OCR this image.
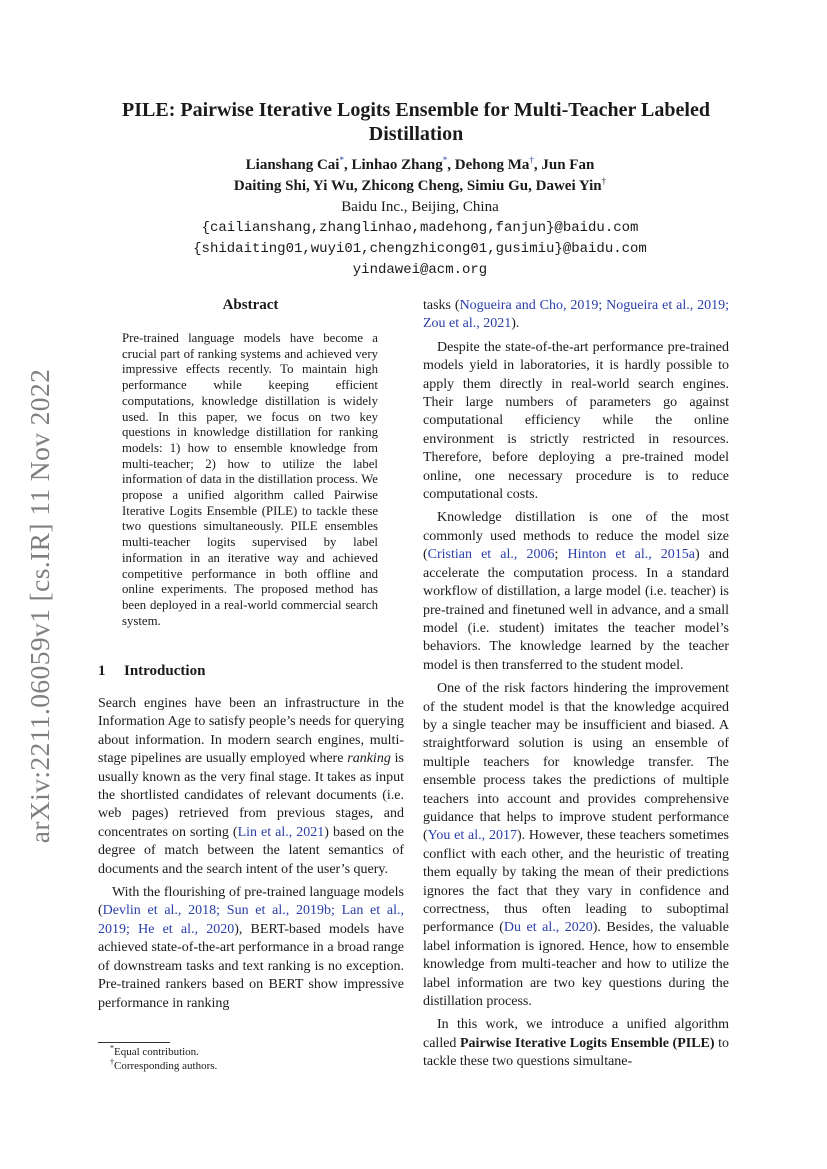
arXiv:2211.06059v1 [cs.IR] 11 Nov 2022
PILE: Pairwise Iterative Logits Ensemble for Multi-Teacher Labeled Distillation
Lianshang Cai*, Linhao Zhang*, Dehong Ma†, Jun Fan
Daiting Shi, Yi Wu, Zhicong Cheng, Simiu Gu, Dawei Yin†
Baidu Inc., Beijing, China
{cailianshang,zhanglinhao,madehong,fanjun}@baidu.com
{shidaiting01,wuyi01,chengzhicong01,gusimiu}@baidu.com
yindawei@acm.org
Abstract

Pre-trained language models have become a crucial part of ranking systems and achieved very impressive effects recently. To maintain high performance while keeping efficient computations, knowledge distillation is widely used. In this paper, we focus on two key questions in knowledge distillation for ranking models: 1) how to ensemble knowledge from multi-teacher; 2) how to utilize the label information of data in the distillation process. We propose a unified algorithm called Pairwise Iterative Logits Ensemble (PILE) to tackle these two questions simultaneously. PILE ensembles multi-teacher logits supervised by label information in an iterative way and achieved competitive performance in both offline and online experiments. The proposed method has been deployed in a real-world commercial search system.

1 Introduction

Search engines have been an infrastructure in the Information Age to satisfy people’s needs for querying about information. In modern search engines, multi-stage pipelines are usually employed where ranking is usually known as the very final stage. It takes as input the shortlisted candidates of relevant documents (i.e. web pages) retrieved from previous stages, and concentrates on sorting (Lin et al., 2021) based on the degree of match between the latent semantics of documents and the search intent of the user’s query.

With the flourishing of pre-trained language models (Devlin et al., 2018; Sun et al., 2019b; Lan et al., 2019; He et al., 2020), BERT-based models have achieved state-of-the-art performance in a broad range of downstream tasks and text ranking is no exception. Pre-trained rankers based on BERT show impressive performance in ranking

tasks (Nogueira and Cho, 2019; Nogueira et al., 2019; Zou et al., 2021).

Despite the state-of-the-art performance pre-trained models yield in laboratories, it is hardly possible to apply them directly in real-world search engines. Their large numbers of parameters go against computational efficiency while the online environment is strictly restricted in resources. Therefore, before deploying a pre-trained model online, one necessary procedure is to reduce computational costs.

Knowledge distillation is one of the most commonly used methods to reduce the model size (Cristian et al., 2006; Hinton et al., 2015a) and accelerate the computation process. In a standard workflow of distillation, a large model (i.e. teacher) is pre-trained and finetuned well in advance, and a small model (i.e. student) imitates the teacher model’s behaviors. The knowledge learned by the teacher model is then transferred to the student model.

One of the risk factors hindering the improvement of the student model is that the knowledge acquired by a single teacher may be insufficient and biased. A straightforward solution is using an ensemble of multiple teachers for knowledge transfer. The ensemble process takes the predictions of multiple teachers into account and provides comprehensive guidance that helps to improve student performance (You et al., 2017). However, these teachers sometimes conflict with each other, and the heuristic of treating them equally by taking the mean of their predictions ignores the fact that they vary in confidence and correctness, thus often leading to suboptimal performance (Du et al., 2020). Besides, the valuable label information is ignored. Hence, how to ensemble knowledge from multi-teacher and how to utilize the label information are two key questions during the distillation process.

In this work, we introduce a unified algorithm called Pairwise Iterative Logits Ensemble (PILE) to tackle these two questions simultane-

*Equal contribution.
†Corresponding authors.
